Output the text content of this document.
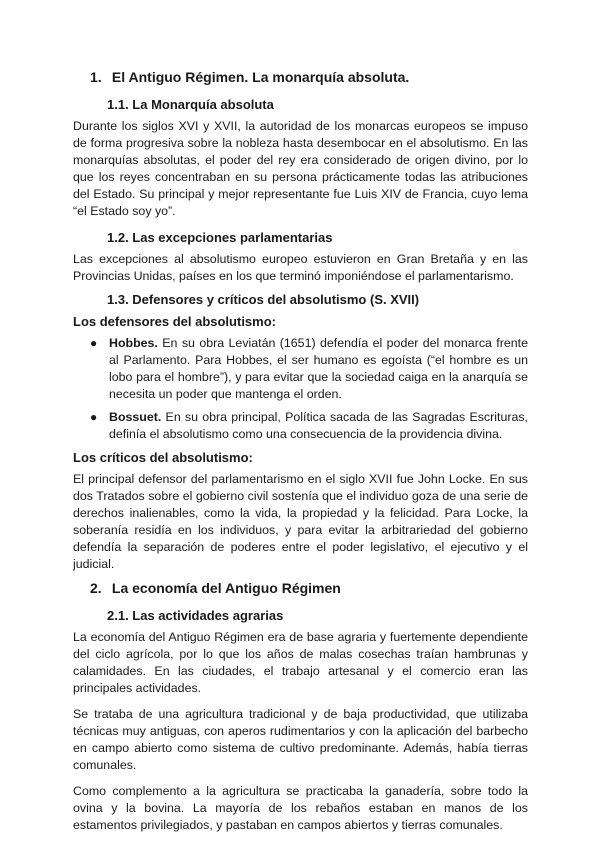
1. El Antiguo Régimen. La monarquía absoluta.
1.1. La Monarquía absoluta

Durante los siglos XVI y XVII, la autoridad de los monarcas europeos se impuso de forma progresiva sobre la nobleza hasta desembocar en el absolutismo. En las monarquías absolutas, el poder del rey era considerado de origen divino, por lo que los reyes concentraban en su persona prácticamente todas las atribuciones del Estado. Su principal y mejor representante fue Luis XIV de Francia, cuyo lema “el Estado soy yo”.

1.2. Las excepciones parlamentarias

Las excepciones al absolutismo europeo estuvieron en Gran Bretaña y en las Provincias Unidas, países en los que terminó imponiéndose el parlamentarismo.

1.3. Defensores y críticos del absolutismo (S. XVII)
Los defensores del absolutismo:
● Hobbes. En su obra Leviatán (1651) defendía el poder del monarca frente al Parlamento. Para Hobbes, el ser humano es egoísta (“el hombre es un lobo para el hombre”), y para evitar que la sociedad caiga en la anarquía se necesita un poder que mantenga el orden.
● Bossuet. En su obra principal, Política sacada de las Sagradas Escrituras, definía el absolutismo como una consecuencia de la providencia divina.
Los críticos del absolutismo:

El principal defensor del parlamentarismo en el siglo XVII fue John Locke. En sus dos Tratados sobre el gobierno civil sostenía que el individuo goza de una serie de derechos inalienables, como la vida, la propiedad y la felicidad. Para Locke, la soberanía residía en los individuos, y para evitar la arbitrariedad del gobierno defendía la separación de poderes entre el poder legislativo, el ejecutivo y el judicial.

2. La economía del Antiguo Régimen
2.1. Las actividades agrarias

La economía del Antiguo Régimen era de base agraria y fuertemente dependiente del ciclo agrícola, por lo que los años de malas cosechas traían hambrunas y calamidades. En las ciudades, el trabajo artesanal y el comercio eran las principales actividades.

Se trataba de una agricultura tradicional y de baja productividad, que utilizaba técnicas muy antiguas, con aperos rudimentarios y con la aplicación del barbecho en campo abierto como sistema de cultivo predominante. Además, había tierras comunales.

Como complemento a la agricultura se practicaba la ganadería, sobre todo la ovina y la bovina. La mayoría de los rebaños estaban en manos de los estamentos privilegiados, y pastaban en campos abiertos y tierras comunales.
